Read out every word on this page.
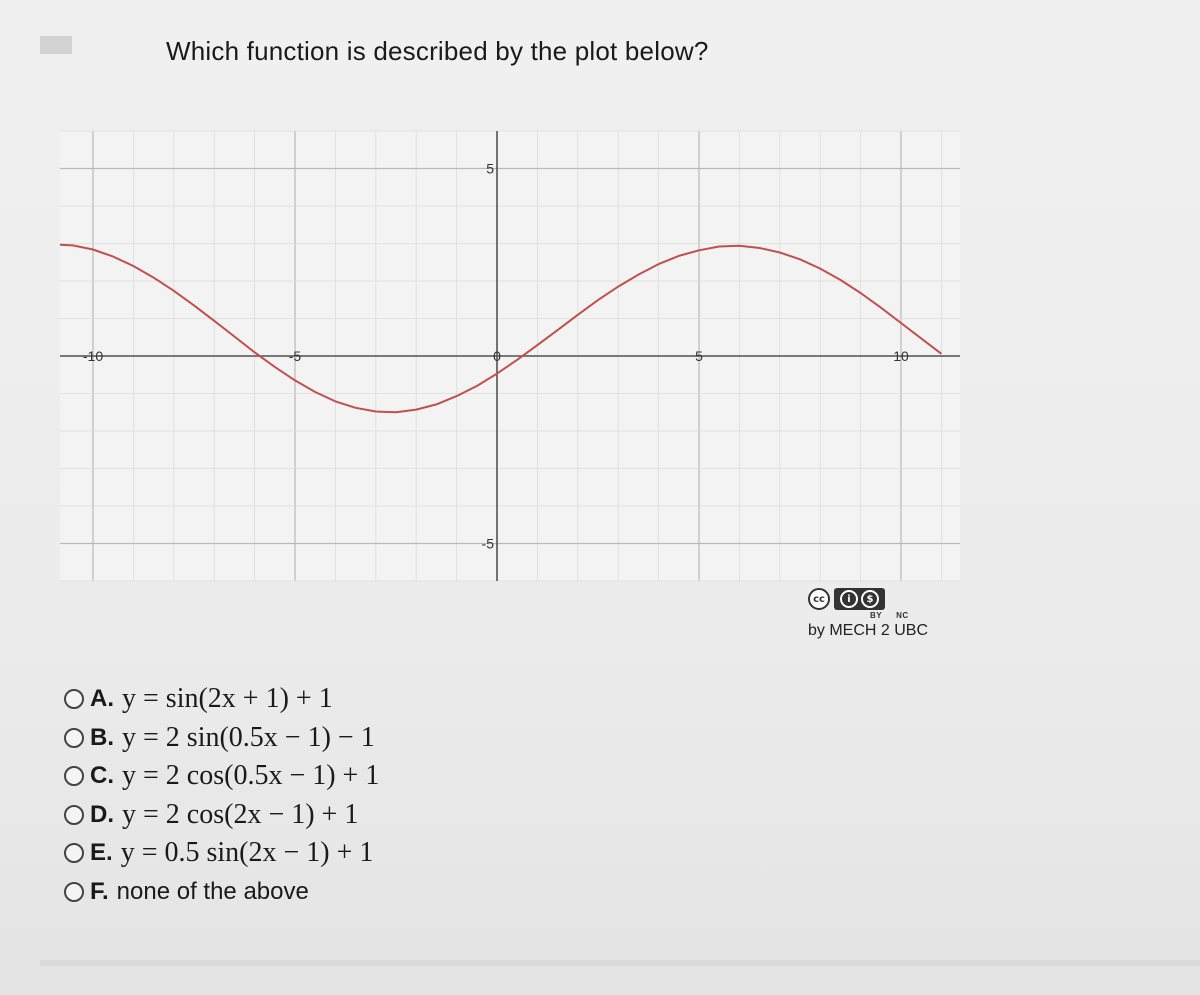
Which function is described by the plot below?
-10	-5	0	5	10
5
-5
cc	i	$
BY NC
by MECH 2 UBC
A. y = sin(2x + 1) + 1
B. y = 2 sin(0.5x − 1) − 1
C. y = 2 cos(0.5x − 1) + 1
D. y = 2 cos(2x − 1) + 1
E. y = 0.5 sin(2x − 1) + 1
F. none of the above
